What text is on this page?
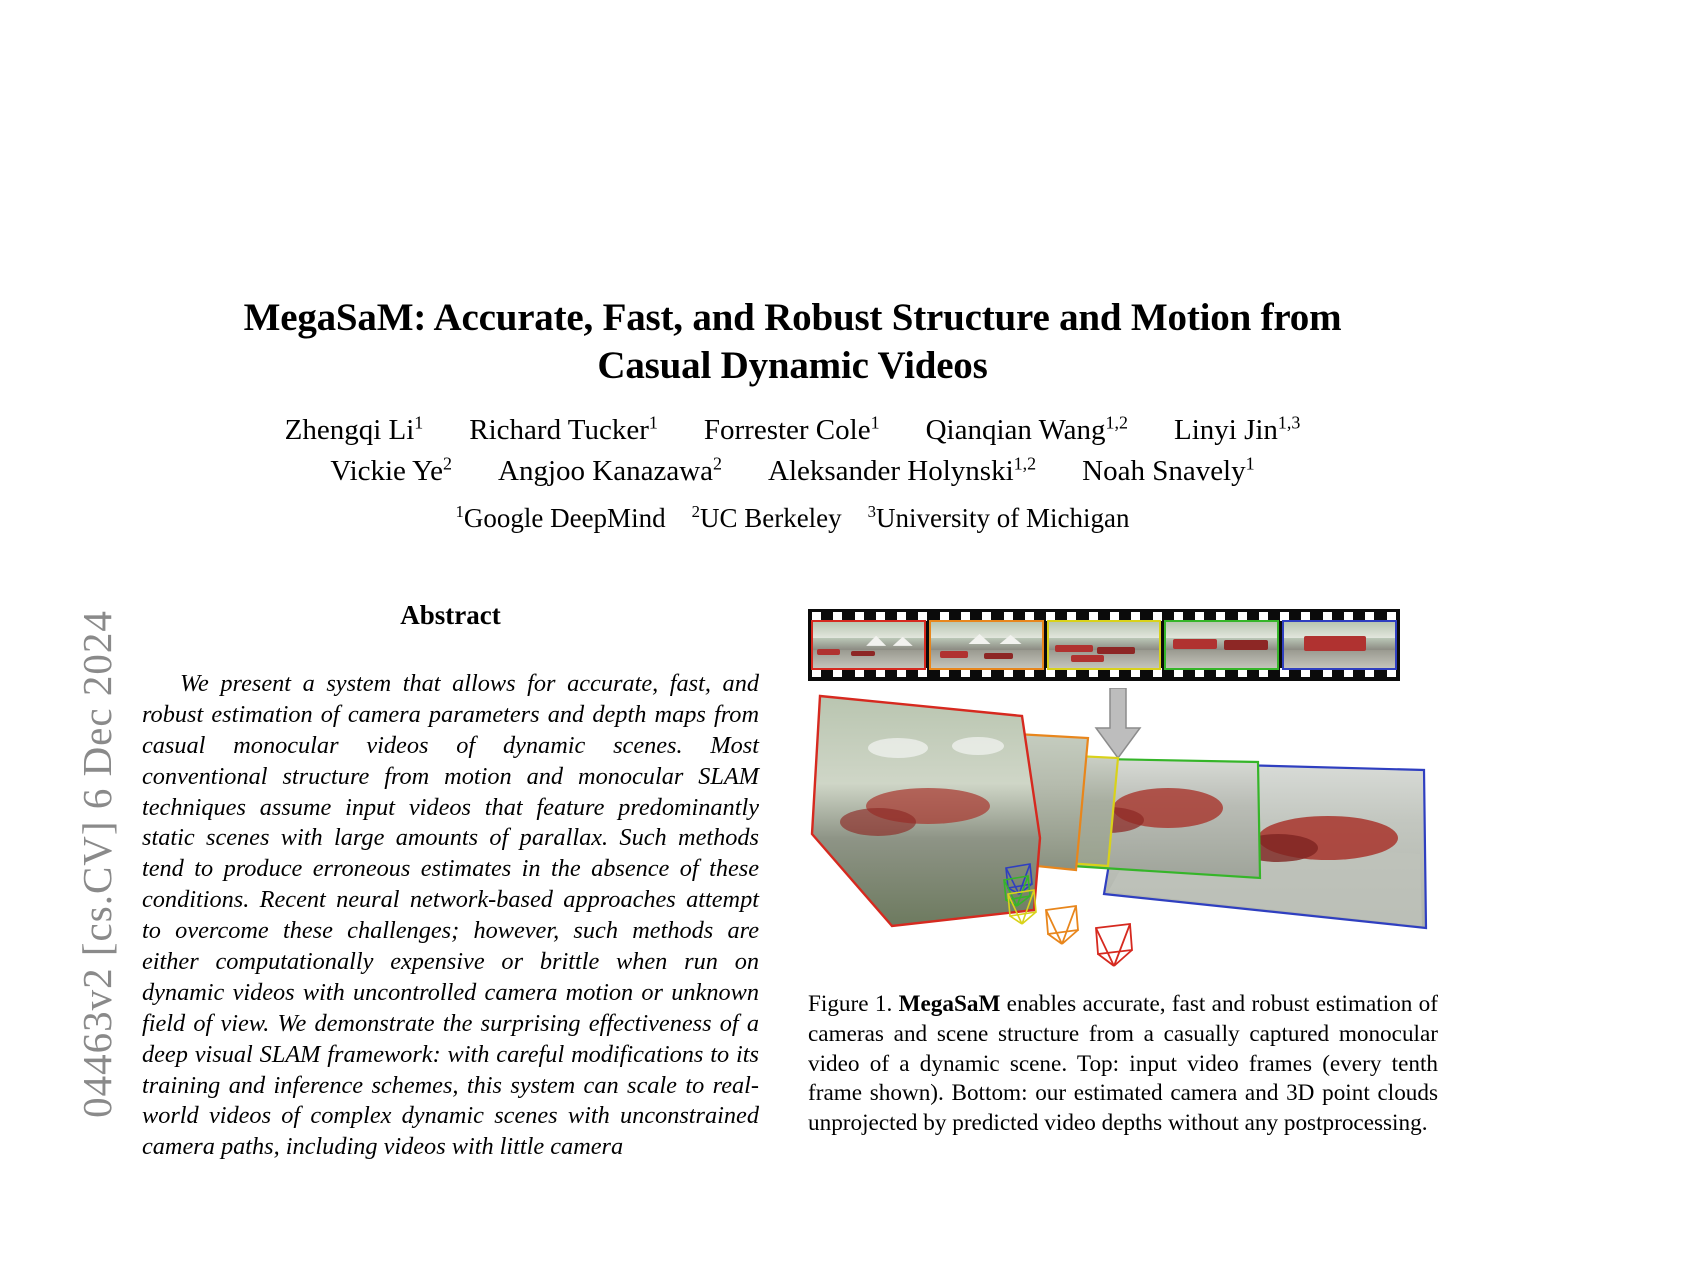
04463v2 [cs.CV] 6 Dec 2024
MegaSaM: Accurate, Fast, and Robust Structure and Motion from Casual Dynamic Videos
Zhengqi Li$^1$ Richard Tucker$^1$ Forrester Cole$^1$ Qianqian Wang$^{1,2}$ Linyi Jin$^{1,3}$
Vickie Ye$^2$ Angjoo Kanazawa$^2$ Aleksander Holynski$^{1,2}$ Noah Snavely$^1$
$^1$Google DeepMind $^2$UC Berkeley $^3$University of Michigan
Abstract

We present a system that allows for accurate, fast, and robust estimation of camera parameters and depth maps from casual monocular videos of dynamic scenes. Most conventional structure from motion and monocular SLAM techniques assume input videos that feature predominantly static scenes with large amounts of parallax. Such methods tend to produce erroneous estimates in the absence of these conditions. Recent neural network-based approaches attempt to overcome these challenges; however, such methods are either computationally expensive or brittle when run on dynamic videos with uncontrolled camera motion or unknown field of view. We demonstrate the surprising effectiveness of a deep visual SLAM framework: with careful modifications to its training and inference schemes, this system can scale to real-world videos of complex dynamic scenes with unconstrained camera paths, including videos with little camera

Figure 1. MegaSaM enables accurate, fast and robust estimation of cameras and scene structure from a casually captured monocular video of a dynamic scene. Top: input video frames (every tenth frame shown). Bottom: our estimated camera and 3D point clouds unprojected by predicted video depths without any postprocessing.
